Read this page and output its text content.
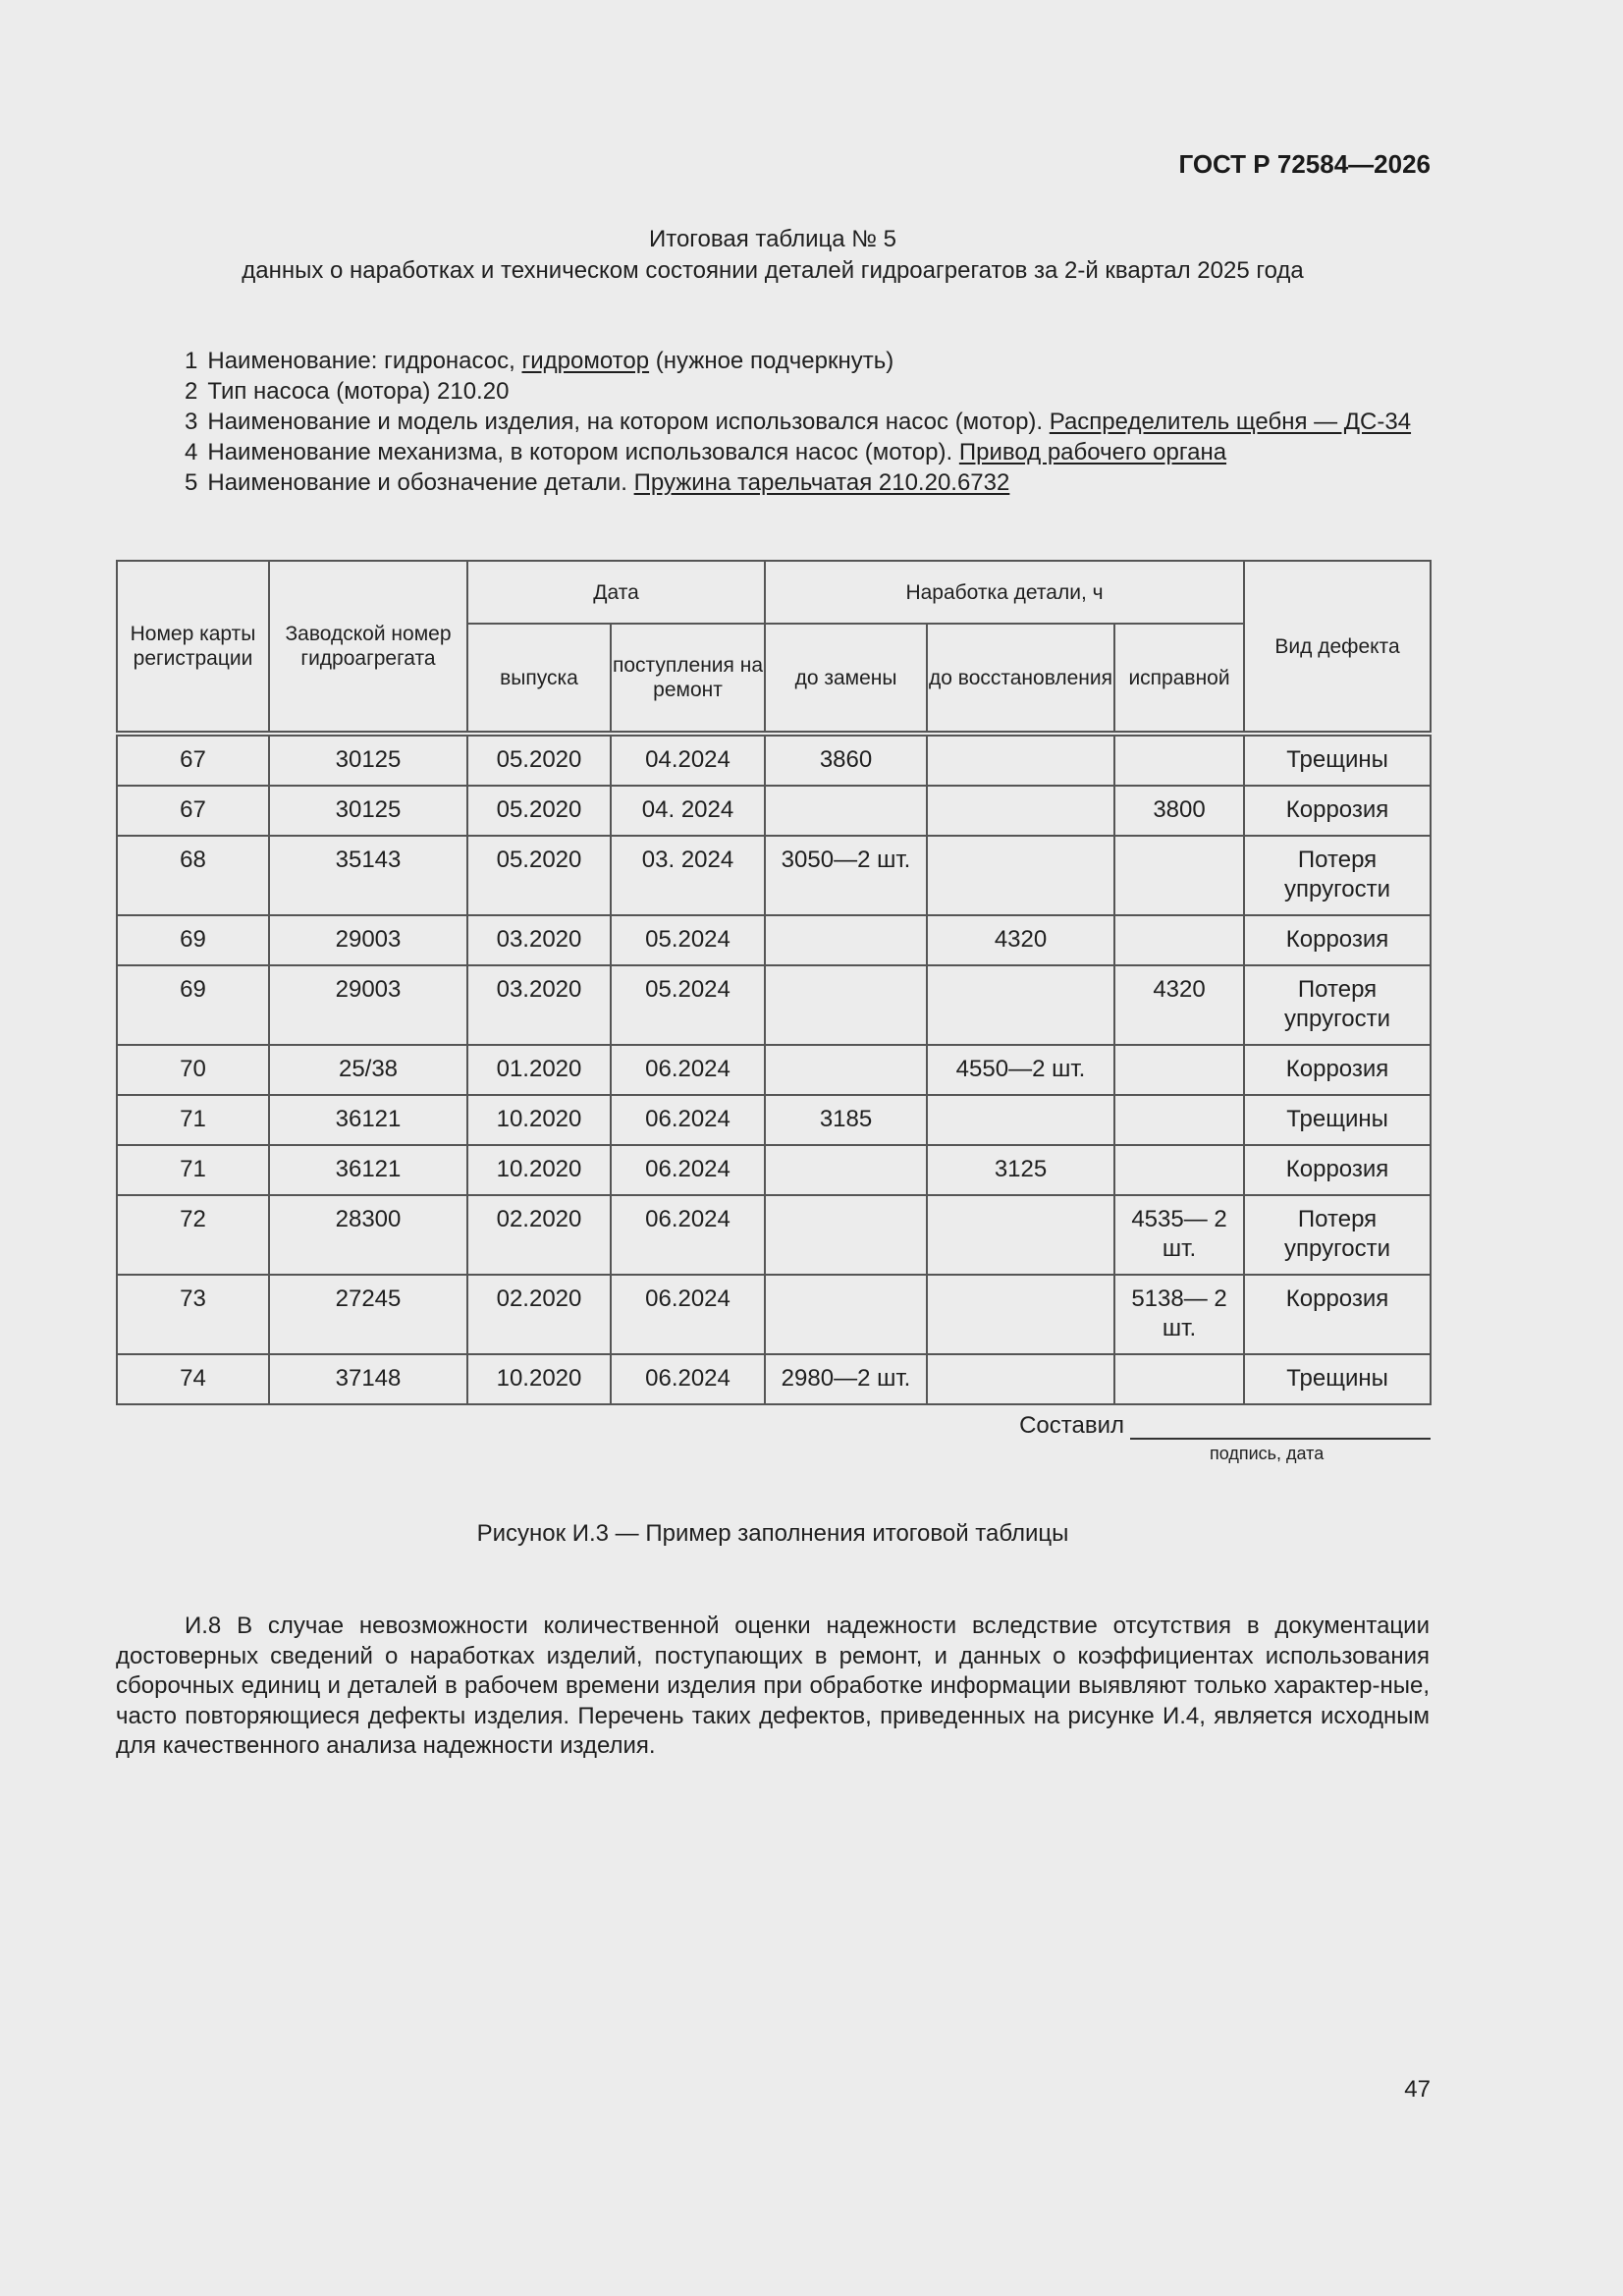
ГОСТ Р 72584—2026
Итоговая таблица № 5
данных о наработках и техническом состоянии деталей гидроагрегатов за 2-й квартал 2025 года
1 Наименование: гидронасос, гидромотор (нужное подчеркнуть)
2 Тип насоса (мотора) 210.20
3 Наименование и модель изделия, на котором использовался насос (мотор). Распределитель щебня — ДС-34
4 Наименование механизма, в котором использовался насос (мотор). Привод рабочего органа
5 Наименование и обозначение детали. Пружина тарельчатая 210.20.6732
Номер карты регистрации	Заводской номер гидроагрегата	Дата		Наработка детали, ч			Вид дефекта
		выпуска	поступления на ремонт	до замены	до восстановления	исправной	
67	30125	05.2020	04.2024	3860			Трещины
67	30125	05.2020	04. 2024			3800	Коррозия
68	35143	05.2020	03. 2024	3050—2 шт.			Потеря упругости
69	29003	03.2020	05.2024		4320		Коррозия
69	29003	03.2020	05.2024			4320	Потеря упругости
70	25/38	01.2020	06.2024		4550—2 шт.		Коррозия
71	36121	10.2020	06.2024	3185			Трещины
71	36121	10.2020	06.2024		3125		Коррозия
72	28300	02.2020	06.2024			4535— 2 шт.	Потеря упругости
73	27245	02.2020	06.2024			5138— 2 шт.	Коррозия
74	37148	10.2020	06.2024	2980—2 шт.			Трещины
Составил
подпись, дата
Рисунок И.3 — Пример заполнения итоговой таблицы
И.8 В случае невозможности количественной оценки надежности вследствие отсутствия в документации достоверных сведений о наработках изделий, поступающих в ремонт, и данных о коэффициентах использования сборочных единиц и деталей в рабочем времени изделия при обработке информации выявляют только характер-ные, часто повторяющиеся дефекты изделия. Перечень таких дефектов, приведенных на рисунке И.4, является исходным для качественного анализа надежности изделия.
47
